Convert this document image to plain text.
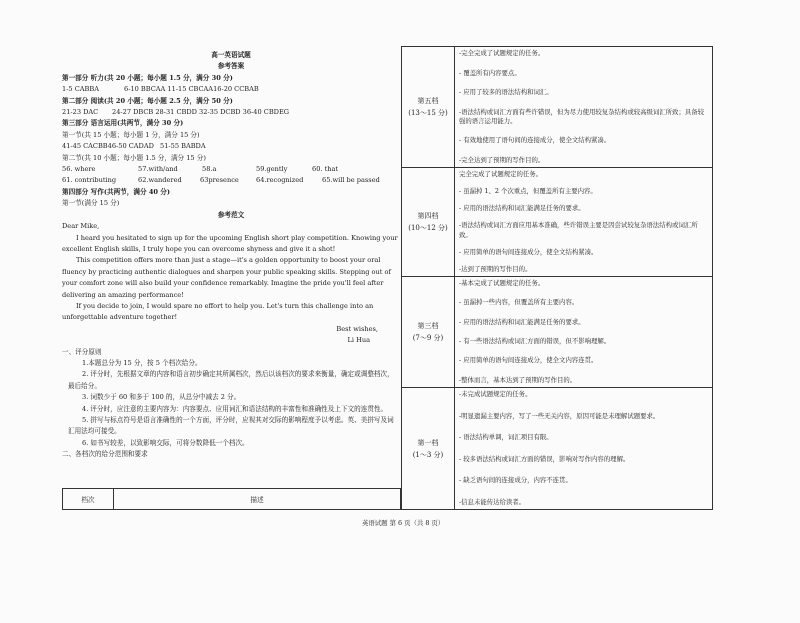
高一英语试题

参考答案

第一部分 听力(共 20 小题；每小题 1.5 分，满分 30 分)

1-5 CABBA	6-10 BBCAA 11-15 CBCAA16-20 CCBAB

第二部分 阅读(共 20 小题；每小题 2.5 分，满分 50 分)

21-23 DAC	24-27 DBCB 28-31 CBDD 32-35 DCBD 36-40 CBDEG

第三部分 语言运用(共两节，满分 30 分)

第一节(共 15 小题；每小题 1 分，满分 15 分)

41-45 CACBB46-50 CADAD 51-55 BABDA

第二节(共 10 小题；每小题 1.5 分，满分 15 分)

56. where	57.with/and	58.a	59.gently	60. that
61. contributing	62.wandered	63presence	64.recognized	65.will be passed

第四部分 写作(共两节，满分 40 分)

第一节(满分 15 分)

参考范文

Dear Mike,

I heard you hesitated to sign up for the upcoming English short play competition. Knowing your excellent English skills, I truly hope you can overcome shyness and give it a shot!

This competition offers more than just a stage—it's a golden opportunity to boost your oral fluency by practicing authentic dialogues and sharpen your public speaking skills. Stepping out of your comfort zone will also build your confidence remarkably. Imagine the pride you'll feel after delivering an amazing performance!

If you decide to join, I would spare no effort to help you. Let's turn this challenge into an unforgettable adventure together!

Best wishes,

Li Hua

一、评分原则

1.本题总分为 15 分，按 5 个档次给分。

2. 评分时，先根据文章的内容和语言初步确定其所属档次，然后以该档次的要求来衡量，确定或调整档次，最后给分。

3. 词数少于 60 和多于 100 的，从总分中减去 2 分。

4. 评分时，应注意的主要内容为：内容要点、应用词汇和语法结构的丰富性和准确性及上下文的连贯性。

5. 拼写与标点符号是语言准确性的一个方面，评分时，应视其对交际的影响程度予以考虑。英、美拼写及词汇用法均可接受。

6. 如书写较差，以致影响交际，可将分数降低一个档次。

二、各档次的给分范围和要求

档次	描述
第五档
(13～15 分)
-完全完成了试题规定的任务。
- 覆盖所有内容要点。
- 应用了较多的语法结构和词汇。
-语法结构或词汇方面有些许错误，但为尽力使用较复杂结构或较高级词汇所致；具备较强的语言运用能力。
- 有效地使用了语句间的连接成分，使全文结构紧凑。
-完全达到了预期的写作目的。
第四档
(10～12 分)
完全完成了试题规定的任务。
- 虽漏掉 1、2 个次重点，但覆盖所有主要内容。
- 应用的语法结构和词汇能满足任务的要求。
-语法结构或词汇方面应用基本准确，些许错误主要是因尝试较复杂语法结构或词汇所致。
- 应用简单的语句间连接成分，使全文结构紧凑。
-达到了预期的写作目的。
第三档
(7～9 分)
-基本完成了试题规定的任务。
- 虽漏掉一些内容，但覆盖所有主要内容。
- 应用的语法结构和词汇能满足任务的要求。
- 有一些语法结构或词汇方面的错误，但不影响理解。
- 应用简单的语句间连接成分，使全文内容连贯。
-整体而言，基本达到了预期的写作目的。
第一档
(1～3 分)
-未完成试题规定的任务。
-明显遗漏主要内容，写了一些无关内容，原因可能是未理解试题要求。
- 语法结构单调，词汇项目有限。
- 较多语法结构或词汇方面的错误，影响对写作内容的理解。
- 缺乏语句间的连接成分，内容不连贯。
-信息未能传达给读者。
英语试题 第 6 页（共 8 页）
